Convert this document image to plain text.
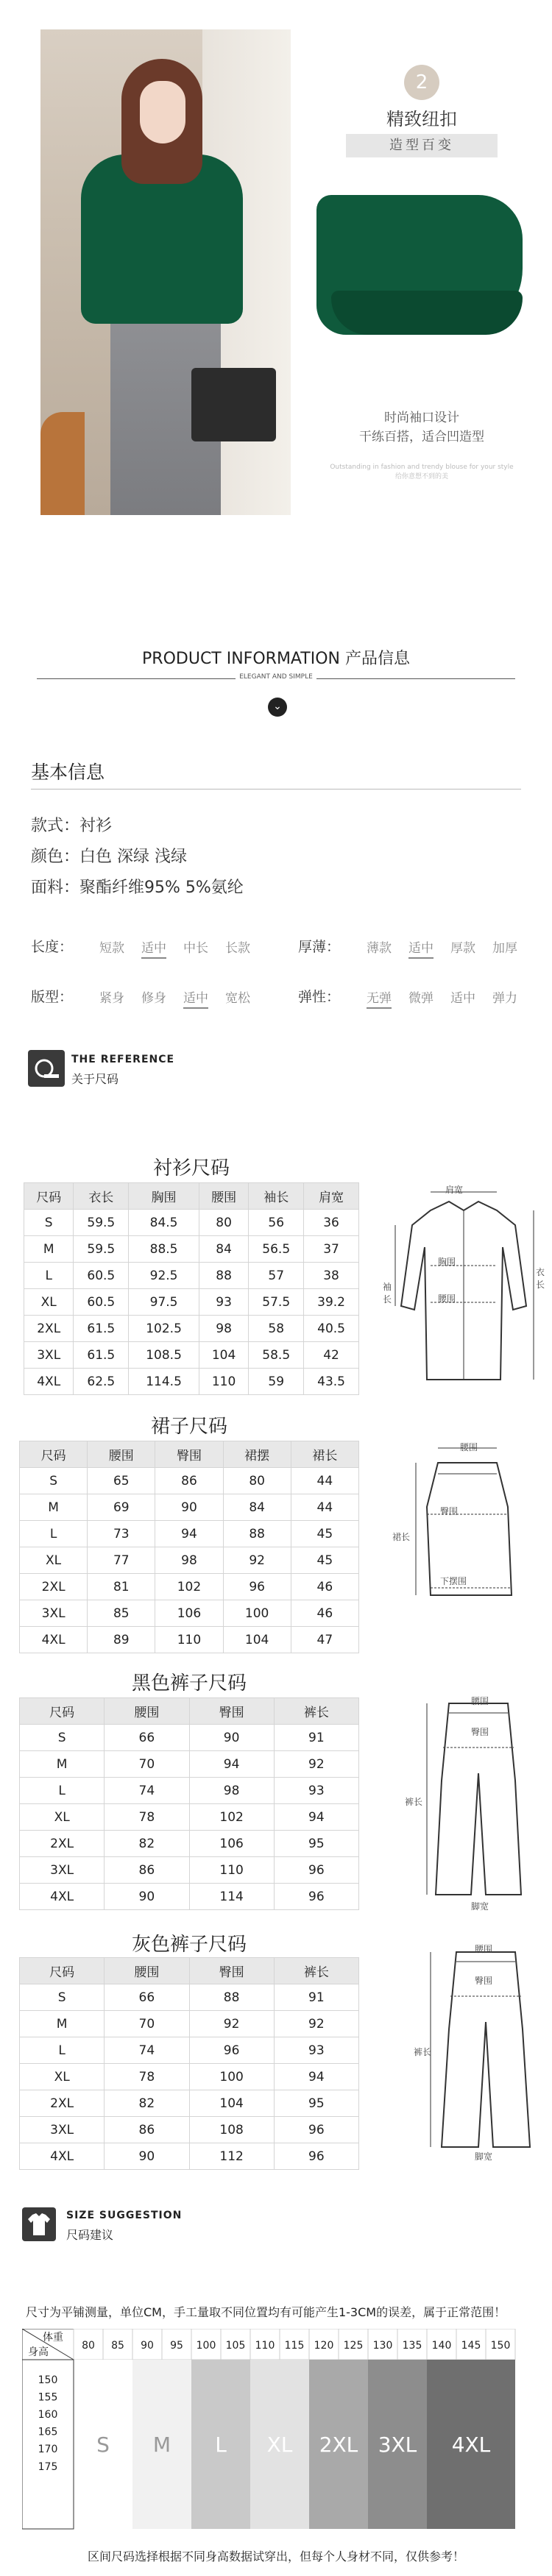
2
精致纽扣
造型百变
时尚袖口设计
干练百搭，适合凹造型
Outstanding in fashion and trendy blouse for your style
给你意想不到的美
PRODUCT INFORMATION 产品信息
ELEGANT AND SIMPLE
⌄
基本信息
款式：衬衫
颜色：白色 深绿 浅绿
面料：聚酯纤维95% 5%氨纶
长度： 短款 适中 中长 长款	厚薄： 薄款 适中 厚款 加厚
版型： 紧身 修身 适中 宽松	弹性： 无弹 微弹 适中 弹力
THE REFERENCE
关于尺码
衬衫尺码
尺码	衣长	胸围	腰围	袖长	肩宽
S	59.5	84.5	80	56	36
M	59.5	88.5	84	56.5	37
L	60.5	92.5	88	57	38
XL	60.5	97.5	93	57.5	39.2
2XL	61.5	102.5	98	58	40.5
3XL	61.5	108.5	104	58.5	42
4XL	62.5	114.5	110	59	43.5
肩宽
胸围
腰围
衣长
袖长
裙子尺码
尺码	腰围	臀围	裙摆	裙长
S	65	86	80	44
M	69	90	84	44
L	73	94	88	45
XL	77	98	92	45
2XL	81	102	96	46
3XL	85	106	100	46
4XL	89	110	104	47
腰围
臀围
裙长
下摆围
黑色裤子尺码
尺码	腰围	臀围	裤长
S	66	90	91
M	70	94	92
L	74	98	93
XL	78	102	94
2XL	82	106	95
3XL	86	110	96
4XL	90	114	96
腰围
臀围
裤长
脚宽
灰色裤子尺码
尺码	腰围	臀围	裤长
S	66	88	91
M	70	92	92
L	74	96	93
XL	78	100	94
2XL	82	104	95
3XL	86	108	96
4XL	90	112	96
腰围
臀围
裤长
脚宽
SIZE SUGGESTION
尺码建议
尺寸为平铺测量，单位CM，手工量取不同位置均有可能产生1-3CM的误差，属于正常范围！
体重
身高
80 85 90 95 100 105 110 115 120 125 130 135 140 145 150
150
155
160
165
170
175
S M L XL 2XL 3XL 4XL
区间尺码选择根据不同身高数据试穿出，但每个人身材不同，仅供参考！
